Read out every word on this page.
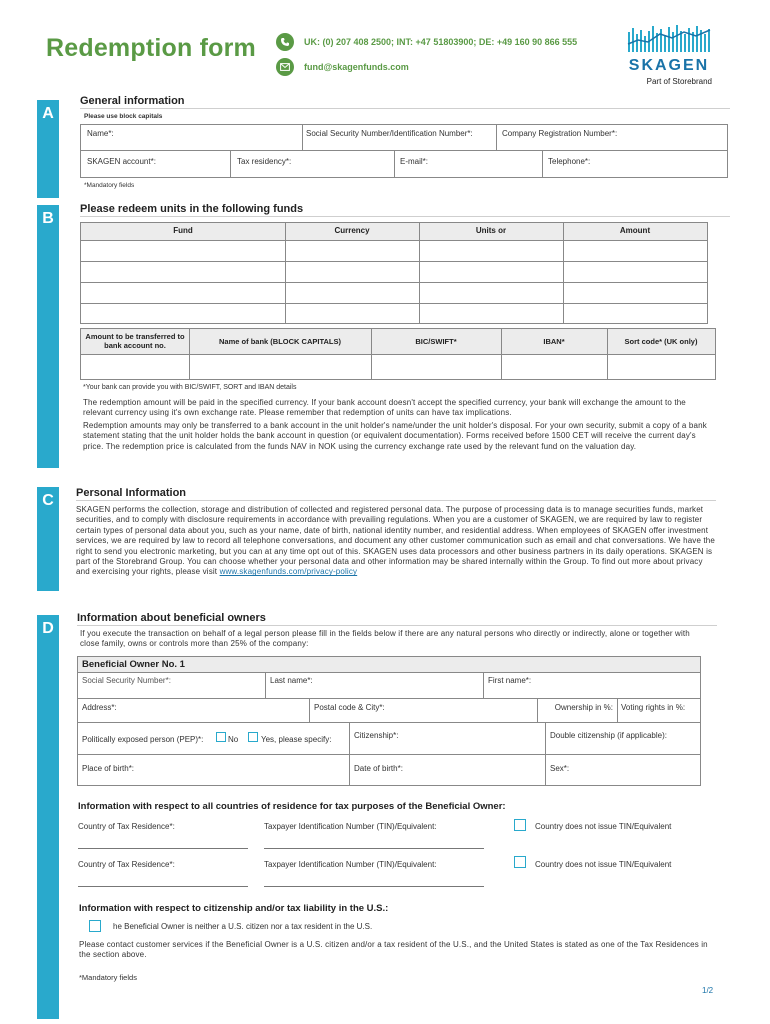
Redemption form	UK: (0) 207 408 2500; INT: +47 51803900; DE: +49 160 90 866 555
fund@skagenfunds.com	SKAGEN
Part of Storebrand
A
General information
Please use block capitals
Name*:	Social Security Number/Identification Number*:	Company Registration Number*:
SKAGEN account*:	Tax residency*:	E-mail*:	Telephone*:
*Mandatory fields
B
Please redeem units in the following funds
Fund	Currency	Units or	Amount
Amount to be transferred to bank account no.	Name of bank (BLOCK CAPITALS)	BIC/SWIFT*	IBAN*	Sort code* (UK only)
*Your bank can provide you with BIC/SWIFT, SORT and IBAN details
The redemption amount will be paid in the specified currency. If your bank account doesn't accept the specified currency, your bank will exchange the amount to the relevant currency using it's own exchange rate. Please remember that redemption of units can have tax implications.
Redemption amounts may only be transferred to a bank account in the unit holder's name/under the unit holder's disposal. For your own security, submit a copy of a bank statement stating that the unit holder holds the bank account in question (or equivalent documentation). Forms received before 1500 CET will receive the current day's price. The redemption price is calculated from the funds NAV in NOK using the currency exchange rate used by the relevant fund on the valuation day.
C	Personal Information
SKAGEN performs the collection, storage and distribution of collected and registered personal data. The purpose of processing data is to manage securities funds, market securities, and to comply with disclosure requirements in accordance with prevailing regulations. When you are a customer of SKAGEN, we are required by law to register certain types of personal data about you, such as your name, date of birth, national identity number, and residential address. When employees of SKAGEN offer investment services, we are required by law to record all telephone conversations, and document any other customer communication such as email and chat conversations. We have the right to send you electronic marketing, but you can at any time opt out of this. SKAGEN uses data processors and other business partners in its daily operations. SKAGEN is part of the Storebrand Group. You can choose whether your personal data and other information may be shared internally within the Group. To find out more about privacy and exercising your rights, please visit www.skagenfunds.com/privacy-policy
D
Information about beneficial owners
If you execute the transaction on behalf of a legal person please fill in the fields below if there are any natural persons who directly or indirectly, alone or together with close family, owns or controls more than 25% of the company:
Beneficial Owner No. 1
Social Security Number*:	Last name*:	First name*:
Address*:	Postal code & City*:	Ownership in %: Voting rights in %:
Politically exposed person (PEP)*:	No	Yes, please specify:	Citizenship*:	Double citizenship (if applicable):
Place of birth*:	Date of birth*:	Sex*:
Information with respect to all countries of residence for tax purposes of the Beneficial Owner:
Country of Tax Residence*:	Taxpayer Identification Number (TIN)/Equivalent:	Country does not issue TIN/Equivalent
Country of Tax Residence*:	Taxpayer Identification Number (TIN)/Equivalent:	Country does not issue TIN/Equivalent
Information with respect to citizenship and/or tax liability in the U.S.:
he Beneficial Owner is neither a U.S. citizen nor a tax resident in the U.S.
Please contact customer services if the Beneficial Owner is a U.S. citizen and/or a tax resident of the U.S., and the United States is stated as one of the Tax Residences in the section above.
*Mandatory fields
1/2
